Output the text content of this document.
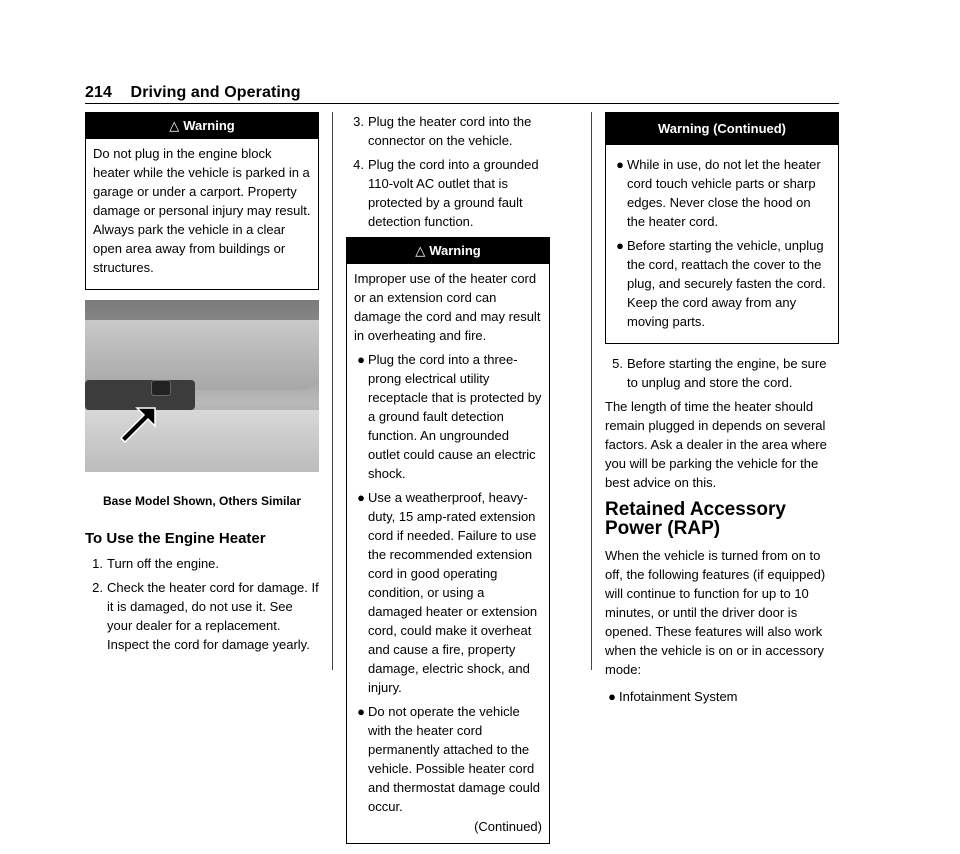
214 Driving and Operating
△ Warning

Do not plug in the engine block heater while the vehicle is parked in a garage or under a carport. Property damage or personal injury may result. Always park the vehicle in a clear open area away from buildings or structures.

Base Model Shown, Others Similar
To Use the Engine Heater
1. Turn off the engine.
2. Check the heater cord for damage. If it is damaged, do not use it. See your dealer for a replacement. Inspect the cord for damage yearly.
3. Plug the heater cord into the connector on the vehicle.
4. Plug the cord into a grounded 110-volt AC outlet that is protected by a ground fault detection function.
△ Warning

Improper use of the heater cord or an extension cord can damage the cord and may result in overheating and fire.

● Plug the cord into a three-prong electrical utility receptacle that is protected by a ground fault detection function. An ungrounded outlet could cause an electric shock.
● Use a weatherproof, heavy-duty, 15 amp-rated extension cord if needed. Failure to use the recommended extension cord in good operating condition, or using a damaged heater or extension cord, could make it overheat and cause a fire, property damage, electric shock, and injury.
● Do not operate the vehicle with the heater cord permanently attached to the vehicle. Possible heater cord and thermostat damage could occur.
(Continued)
Warning (Continued)
● While in use, do not let the heater cord touch vehicle parts or sharp edges. Never close the hood on the heater cord.
● Before starting the vehicle, unplug the cord, reattach the cover to the plug, and securely fasten the cord. Keep the cord away from any moving parts.
5. Before starting the engine, be sure to unplug and store the cord.

The length of time the heater should remain plugged in depends on several factors. Ask a dealer in the area where you will be parking the vehicle for the best advice on this.

Retained Accessory Power (RAP)

When the vehicle is turned from on to off, the following features (if equipped) will continue to function for up to 10 minutes, or until the driver door is opened. These features will also work when the vehicle is on or in accessory mode:

● Infotainment System
